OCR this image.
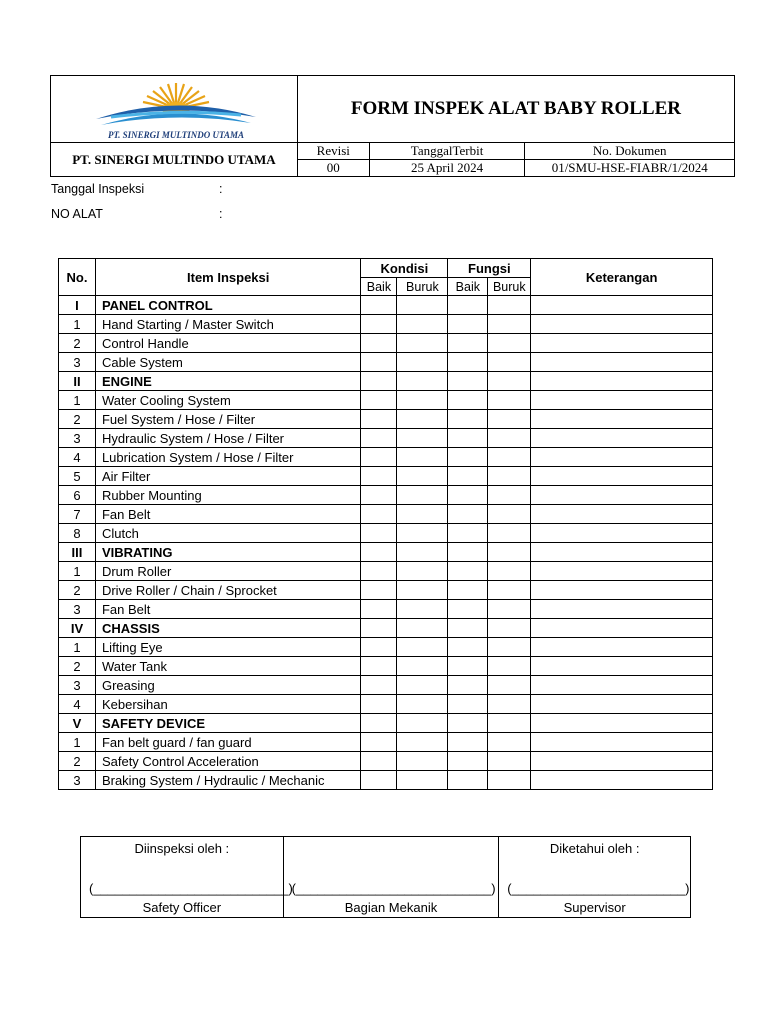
PT. SINERGI MULTINDO UTAMA	FORM INSPEK ALAT BABY ROLLER		
PT. SINERGI MULTINDO UTAMA	Revisi	TanggalTerbit	No. Dokumen
	00	25 April 2024	01/SMU-HSE-FIABR/1/2024
Tanggal Inspeksi	:
NO ALAT	:
No.	Item Inspeksi	Kondisi		Fungsi		Keterangan
		Baik	Buruk	Baik	Buruk	
I	PANEL CONTROL					
1	Hand Starting / Master Switch					
2	Control Handle					
3	Cable System					
II	ENGINE					
1	Water Cooling System					
2	Fuel System / Hose / Filter					
3	Hydraulic System / Hose / Filter					
4	Lubrication System / Hose / Filter					
5	Air Filter					
6	Rubber Mounting					
7	Fan Belt					
8	Clutch					
III	VIBRATING					
1	Drum Roller					
2	Drive Roller / Chain / Sprocket					
3	Fan Belt					
IV	CHASSIS					
1	Lifting Eye					
2	Water Tank					
3	Greasing					
4	Kebersihan					
V	SAFETY DEVICE					
1	Fan belt guard / fan guard					
2	Safety Control Acceleration					
3	Braking System / Hydraulic / Mechanic					
Diinspeksi oleh :
(___________________________)
Safety Officer

(___________________________)
Bagian Mekanik

Diketahui oleh :
(________________________)
Supervisor
